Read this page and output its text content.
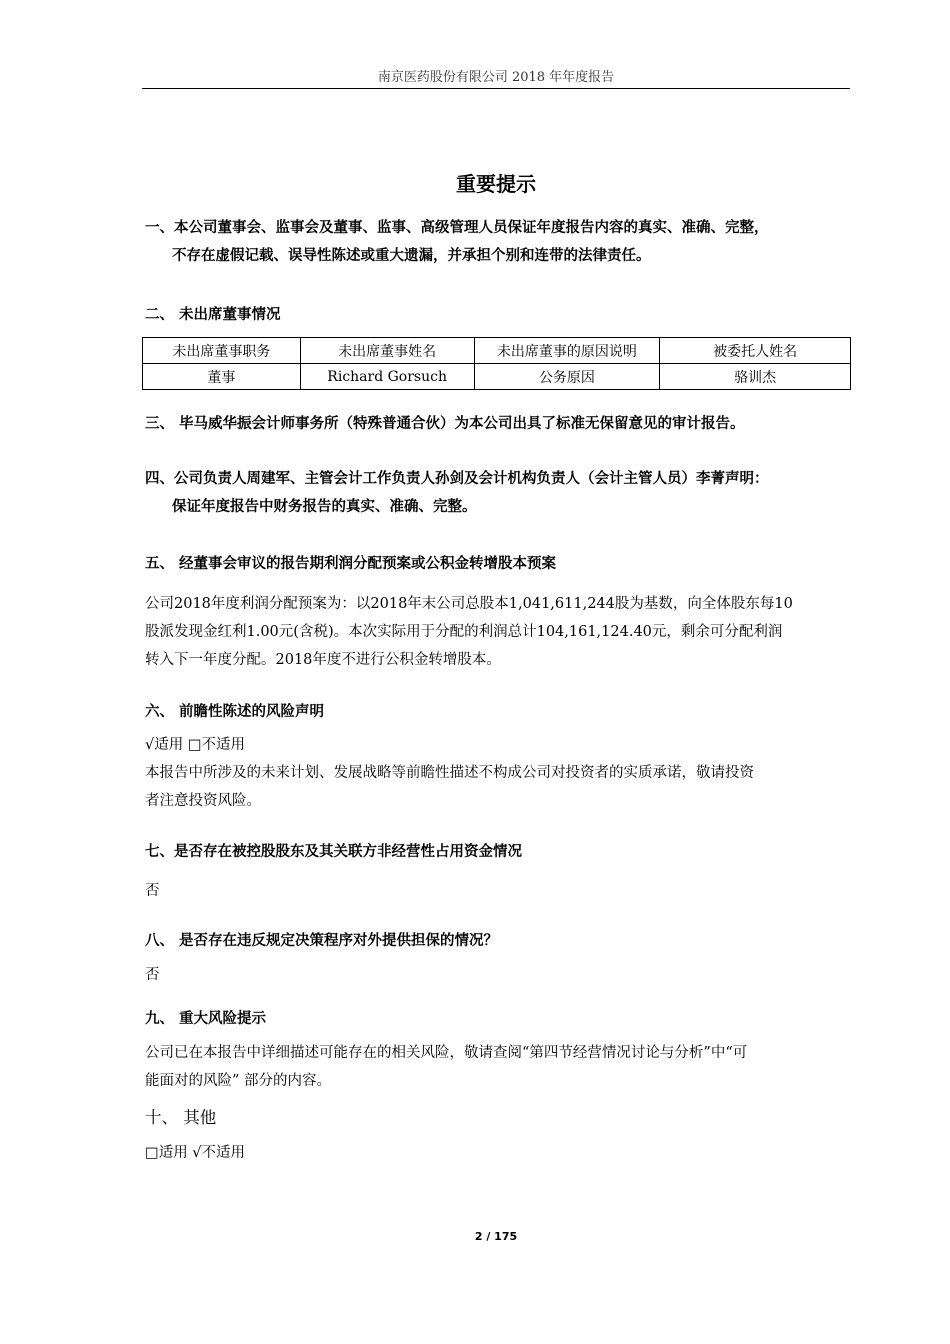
南京医药股份有限公司 2018 年年度报告
重要提示
一、本公司董事会、监事会及董事、监事、高级管理人员保证年度报告内容的真实、准确、完整，
不存在虚假记载、误导性陈述或重大遗漏，并承担个别和连带的法律责任。
二、 未出席董事情况
未出席董事职务	未出席董事姓名	未出席董事的原因说明	被委托人姓名
董事	Richard Gorsuch	公务原因	骆训杰
三、 毕马威华振会计师事务所（特殊普通合伙）为本公司出具了标准无保留意见的审计报告。
四、公司负责人周建军、主管会计工作负责人孙剑及会计机构负责人（会计主管人员）李菁声明：
保证年度报告中财务报告的真实、准确、完整。
五、 经董事会审议的报告期利润分配预案或公积金转增股本预案
公司2018年度利润分配预案为：以2018年末公司总股本1,041,611,244股为基数，向全体股东每10
股派发现金红利1.00元(含税)。本次实际用于分配的利润总计104,161,124.40元，剩余可分配利润
转入下一年度分配。2018年度不进行公积金转增股本。
六、 前瞻性陈述的风险声明
√适用 □不适用
本报告中所涉及的未来计划、发展战略等前瞻性描述不构成公司对投资者的实质承诺，敬请投资
者注意投资风险。
七、是否存在被控股股东及其关联方非经营性占用资金情况
否
八、 是否存在违反规定决策程序对外提供担保的情况？
否
九、 重大风险提示
公司已在本报告中详细描述可能存在的相关风险，敬请查阅“第四节经营情况讨论与分析”中“可
能面对的风险” 部分的内容。
十、 其他
□适用 √不适用
2 / 175
